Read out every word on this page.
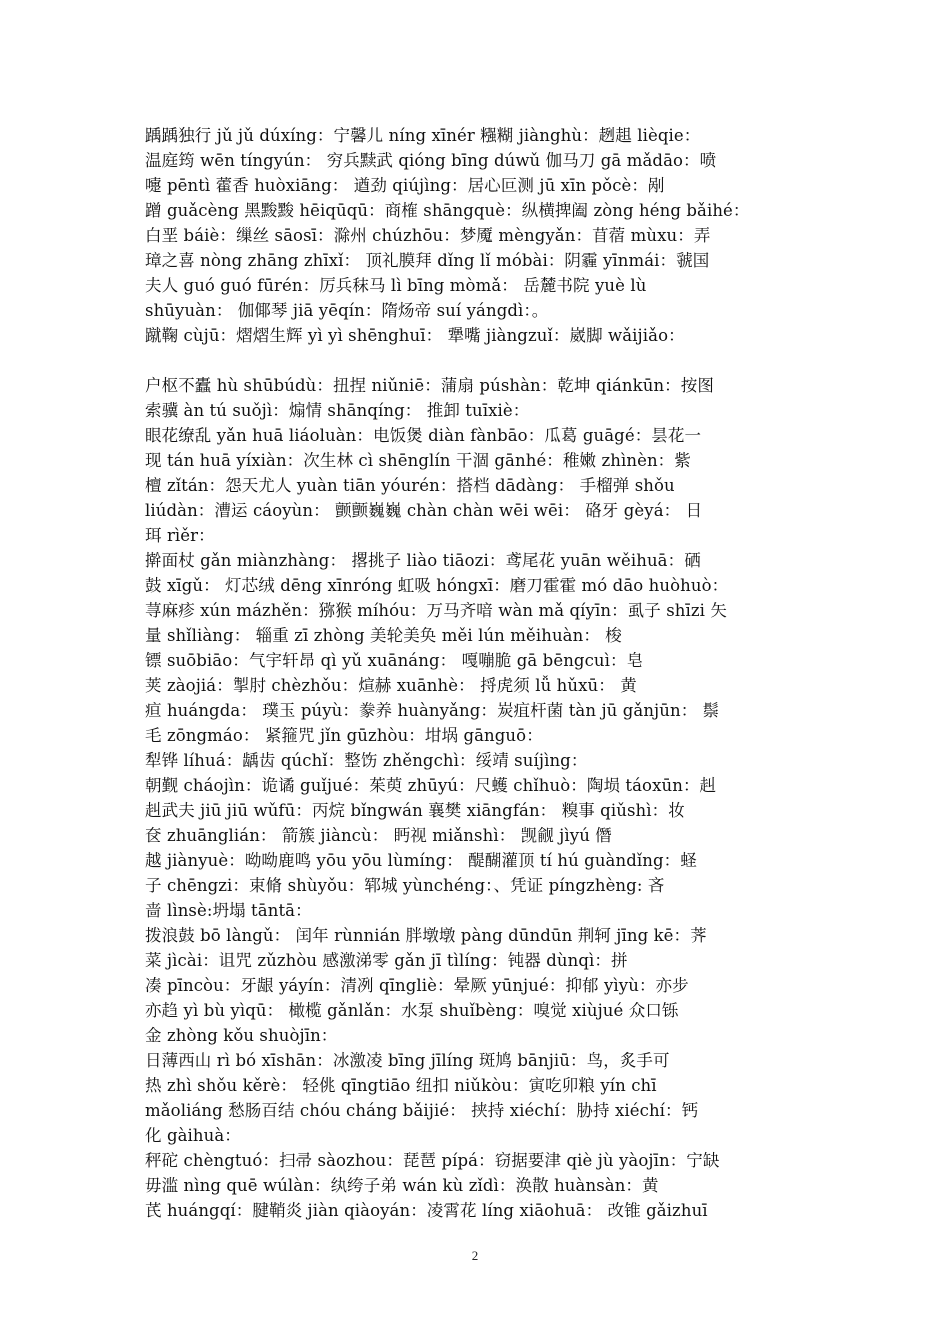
踽踽独行 jǔ jǔ dúxíng：宁馨儿 níng xīnér 糨糊 jiànghù：趔趄 lièqie：
温庭筠 wēn tíngyún： 穷兵黩武 qióng bīng dúwǔ 伽马刀 gā mǎdāo：喷
嚏 pēntì 藿香 huòxiāng： 遒劲 qiújìng：居心叵测 jū xīn pǒcè：剐
蹭 guǎcèng 黑黢黢 hēiqūqū：商榷 shāngquè：纵横捭阖 zòng héng bǎihé：
白垩 báiè：缫丝 sāosī：滁州 chúzhōu：梦魇 mèngyǎn：苜蓿 mùxu：弄
璋之喜 nòng zhāng zhīxǐ： 顶礼膜拜 dǐng lǐ móbài：阴霾 yīnmái：虢国
夫人 guó guó fūrén：厉兵秣马 lì bīng mòmǎ： 岳麓书院 yuè lù
shūyuàn： 伽倻琴 jiā yēqín：隋炀帝 suí yángdì：。
蹴鞠 cùjū：熠熠生辉 yì yì shēnghuī： 犟嘴 jiàngzuǐ：崴脚 wǎijiǎo：
户枢不蠹 hù shūbúdù：扭捏 niǔniē：蒲扇 púshàn：乾坤 qiánkūn：按图
索骥 àn tú suǒjì：煽情 shānqíng： 推卸 tuīxiè：
眼花缭乱 yǎn huā liáoluàn：电饭煲 diàn fànbāo：瓜葛 guāgé：昙花一
现 tán huā yíxiàn：次生林 cì shēnglín 干涸 gānhé：稚嫩 zhìnèn：紫
檀 zǐtán：怨天尤人 yuàn tiān yóurén：搭档 dādàng： 手榴弹 shǒu
liúdàn：漕运 cáoyùn： 颤颤巍巍 chàn chàn wēi wēi： 硌牙 gèyá： 日
珥 rìěr：
擀面杖 gǎn miànzhàng： 撂挑子 liào tiāozi：鸢尾花 yuān wěihuā：硒
鼓 xīgǔ： 灯芯绒 dēng xīnróng 虹吸 hóngxī：磨刀霍霍 mó dāo huòhuò：
荨麻疹 xún mázhěn：猕猴 míhóu：万马齐喑 wàn mǎ qíyīn：虱子 shīzi 矢
量 shǐliàng： 辎重 zī zhòng 美轮美奂 měi lún měihuàn： 梭
镖 suōbiāo：气宇轩昂 qì yǔ xuānáng： 嘎嘣脆 gā bēngcuì：皂
荚 zàojiá：掣肘 chèzhǒu：煊赫 xuānhè： 捋虎须 lǚ hǔxū： 黄
疸 huángda： 璞玉 púyù：豢养 huànyǎng：炭疽杆菌 tàn jū gǎnjūn： 鬃
毛 zōngmáo： 紧箍咒 jǐn gūzhòu：坩埚 gānguō：
犁铧 líhuá：龋齿 qúchǐ：整饬 zhěngchì：绥靖 suíjìng：
朝觐 cháojìn：诡谲 guǐjué：茱萸 zhūyú：尺蠖 chǐhuò：陶埙 táoxūn：赳
赳武夫 jiū jiū wǔfū：丙烷 bǐngwán 襄樊 xiāngfán： 糗事 qiǔshì：妆
奁 zhuānglián： 箭簇 jiàncù： 眄视 miǎnshì： 觊觎 jìyú 僭
越 jiànyuè：呦呦鹿鸣 yōu yōu lùmíng： 醍醐灌顶 tí hú guàndǐng：蛏
子 chēngzi：束脩 shùyǒu：郓城 yùnchéng：、凭证 píngzhèng: 吝
啬 lìnsè:坍塌 tāntā：
拨浪鼓 bō làngǔ： 闰年 rùnnián 胖墩墩 pàng dūndūn 荆轲 jīng kē：荠
菜 jìcài：诅咒 zǔzhòu 感激涕零 gǎn jī tìlíng：钝器 dùnqì：拼
凑 pīncòu：牙龈 yáyín：清冽 qīngliè：晕厥 yūnjué：抑郁 yìyù：亦步
亦趋 yì bù yìqū： 橄榄 gǎnlǎn：水泵 shuǐbèng：嗅觉 xiùjué 众口铄
金 zhòng kǒu shuòjīn：
日薄西山 rì bó xīshān：冰激凌 bīng jīlíng 斑鸠 bānjiū：鸟，炙手可
热 zhì shǒu kěrè： 轻佻 qīngtiāo 纽扣 niǔkòu：寅吃卯粮 yín chī
mǎoliáng 愁肠百结 chóu cháng bǎijié： 挟持 xiéchí：胁持 xiéchí：钙
化 gàihuà：
秤砣 chèngtuó：扫帚 sàozhou：琵琶 pípá：窃据要津 qiè jù yàojīn：宁缺
毋滥 nìng quē wúlàn：纨绔子弟 wán kù zǐdì：涣散 huànsàn：黄
芪 huángqí：腱鞘炎 jiàn qiàoyán：凌霄花 líng xiāohuā： 改锥 gǎizhuī
2
